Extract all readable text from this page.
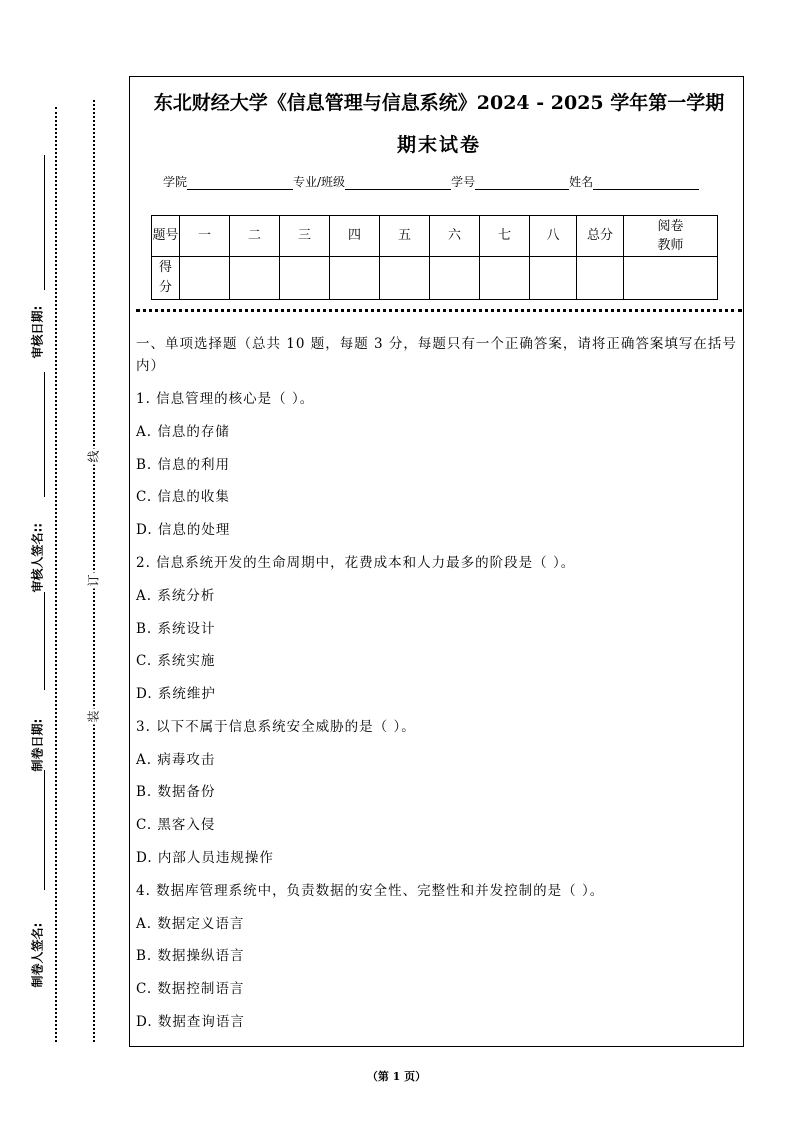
审核日期:
审核人签名::
制卷日期:
制卷人签名:
线
订
装
东北财经大学《信息管理与信息系统》2024 - 2025 学年第一学期
期末试卷
学院	专业/班级	学号	姓名
题号	一	二	三	四	五	六	七	八	总分	阅卷教师
得分										
一、单项选择题（总共 10 题，每题 3 分，每题只有一个正确答案，请将正确答案填写在括号内）
1. 信息管理的核心是（ ）。
A. 信息的存储
B. 信息的利用
C. 信息的收集
D. 信息的处理
2. 信息系统开发的生命周期中，花费成本和人力最多的阶段是（ ）。
A. 系统分析
B. 系统设计
C. 系统实施
D. 系统维护
3. 以下不属于信息系统安全威胁的是（ ）。
A. 病毒攻击
B. 数据备份
C. 黑客入侵
D. 内部人员违规操作
4. 数据库管理系统中，负责数据的安全性、完整性和并发控制的是（ ）。
A. 数据定义语言
B. 数据操纵语言
C. 数据控制语言
D. 数据查询语言
（第 1 页）
